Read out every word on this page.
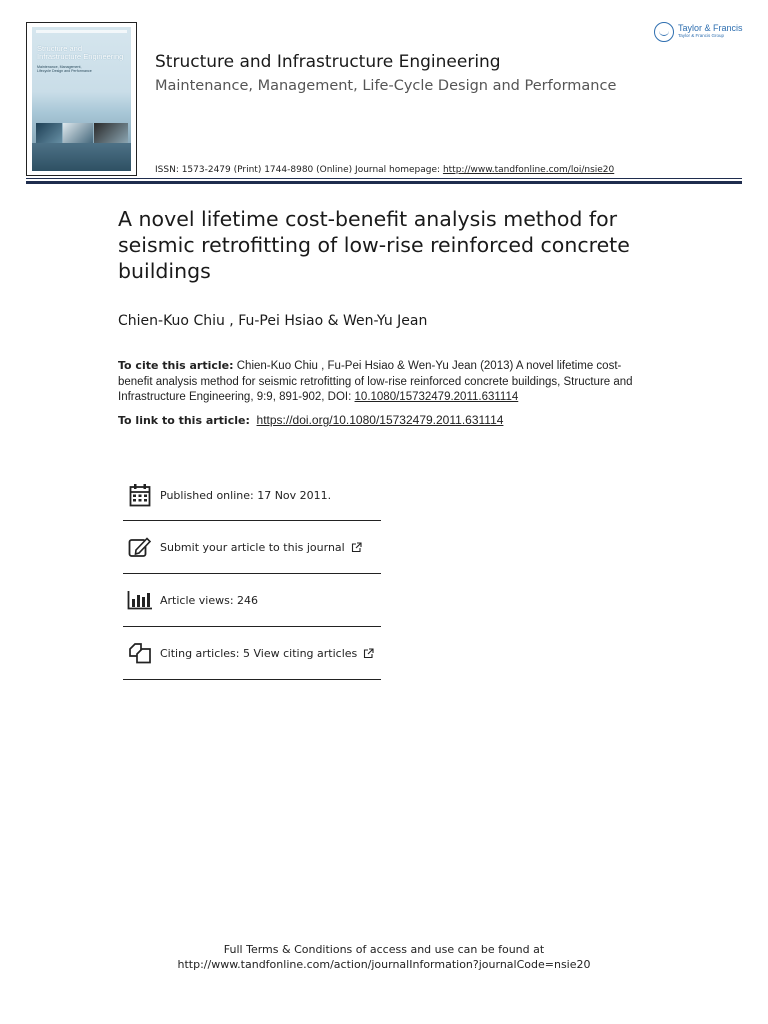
Structure and
Infrastructure Engineering
Maintenance, Management,
Lifecycle Design and Performance	Structure and Infrastructure Engineering
Maintenance, Management, Life-Cycle Design and Performance
Taylor & Francis
Taylor & Francis Group
ISSN: 1573-2479 (Print) 1744-8980 (Online) Journal homepage: http://www.tandfonline.com/loi/nsie20
A novel lifetime cost-benefit analysis method for seismic retrofitting of low-rise reinforced concrete buildings
Chien-Kuo Chiu , Fu-Pei Hsiao & Wen-Yu Jean
To cite this article: Chien-Kuo Chiu , Fu-Pei Hsiao & Wen-Yu Jean (2013) A novel lifetime cost-benefit analysis method for seismic retrofitting of low-rise reinforced concrete buildings, Structure and Infrastructure Engineering, 9:9, 891-902, DOI: 10.1080/15732479.2011.631114
To link to this article: https://doi.org/10.1080/15732479.2011.631114
Published online: 17 Nov 2011.
Submit your article to this journal
Article views: 246
Citing articles: 5 View citing articles
Full Terms & Conditions of access and use can be found at
http://www.tandfonline.com/action/journalInformation?journalCode=nsie20
